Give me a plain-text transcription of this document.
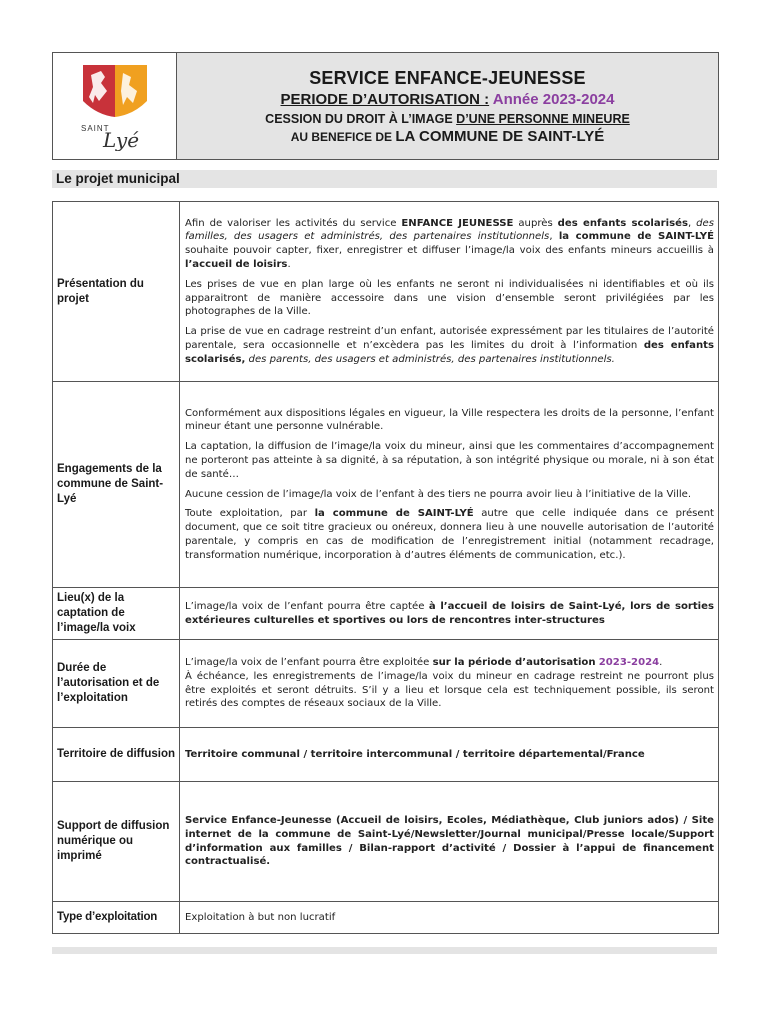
SAINT
Lyé
SERVICE ENFANCE-JEUNESSE
PERIODE D’AUTORISATION : Année 2023-2024
CESSION DU DROIT À L’IMAGE D’UNE PERSONNE MINEURE
AU BENEFICE DE LA COMMUNE DE SAINT-LYÉ
Le projet municipal
Présentation du projet	Afin de valoriser les activités du service ENFANCE JEUNESSE auprès des enfants scolarisés, des familles, des usagers et administrés, des partenaires institutionnels, la commune de SAINT-LYÉ souhaite pouvoir capter, fixer, enregistrer et diffuser l’image/la voix des enfants mineurs accueillis à l’accueil de loisirs.

Les prises de vue en plan large où les enfants ne seront ni individualisées ni identifiables et où ils apparaitront de manière accessoire dans une vision d’ensemble seront privilégiées par les photographes de la Ville.

La prise de vue en cadrage restreint d’un enfant, autorisée expressément par les titulaires de l’autorité parentale, sera occasionnelle et n’excèdera pas les limites du droit à l’information des enfants scolarisés, des parents, des usagers et administrés, des partenaires institutionnels.

Engagements de la commune de Saint-Lyé	Conformément aux dispositions légales en vigueur, la Ville respectera les droits de la personne, l’enfant mineur étant une personne vulnérable.

La captation, la diffusion de l’image/la voix du mineur, ainsi que les commentaires d’accompagnement ne porteront pas atteinte à sa dignité, à sa réputation, à son intégrité physique ou morale, ni à son état de santé…

Aucune cession de l’image/la voix de l’enfant à des tiers ne pourra avoir lieu à l’initiative de la Ville.

Toute exploitation, par la commune de SAINT-LYÉ autre que celle indiquée dans ce présent document, que ce soit titre gracieux ou onéreux, donnera lieu à une nouvelle autorisation de l’autorité parentale, y compris en cas de modification de l’enregistrement initial (notamment recadrage, transformation numérique, incorporation à d’autres éléments de communication, etc.).

Lieu(x) de la captation de l’image/la voix	L’image/la voix de l’enfant pourra être captée à l’accueil de loisirs de Saint-Lyé, lors de sorties extérieures culturelles et sportives ou lors de rencontres inter-structures

Durée de l’autorisation et de l’exploitation	L’image/la voix de l’enfant pourra être exploitée sur la période d’autorisation 2023-2024.

À échéance, les enregistrements de l’image/la voix du mineur en cadrage restreint ne pourront plus être exploités et seront détruits. S’il y a lieu et lorsque cela est techniquement possible, ils seront retirés des comptes de réseaux sociaux de la Ville.

Territoire de diffusion	Territoire communal / territoire intercommunal / territoire départemental/France

Support de diffusion numérique ou imprimé	Service Enfance-Jeunesse (Accueil de loisirs, Ecoles, Médiathèque, Club juniors ados) / Site internet de la commune de Saint-Lyé/Newsletter/Journal municipal/Presse locale/Support d’information aux familles / Bilan-rapport d’activité / Dossier à l’appui de financement contractualisé.

Type d’exploitation	Exploitation à but non lucratif
